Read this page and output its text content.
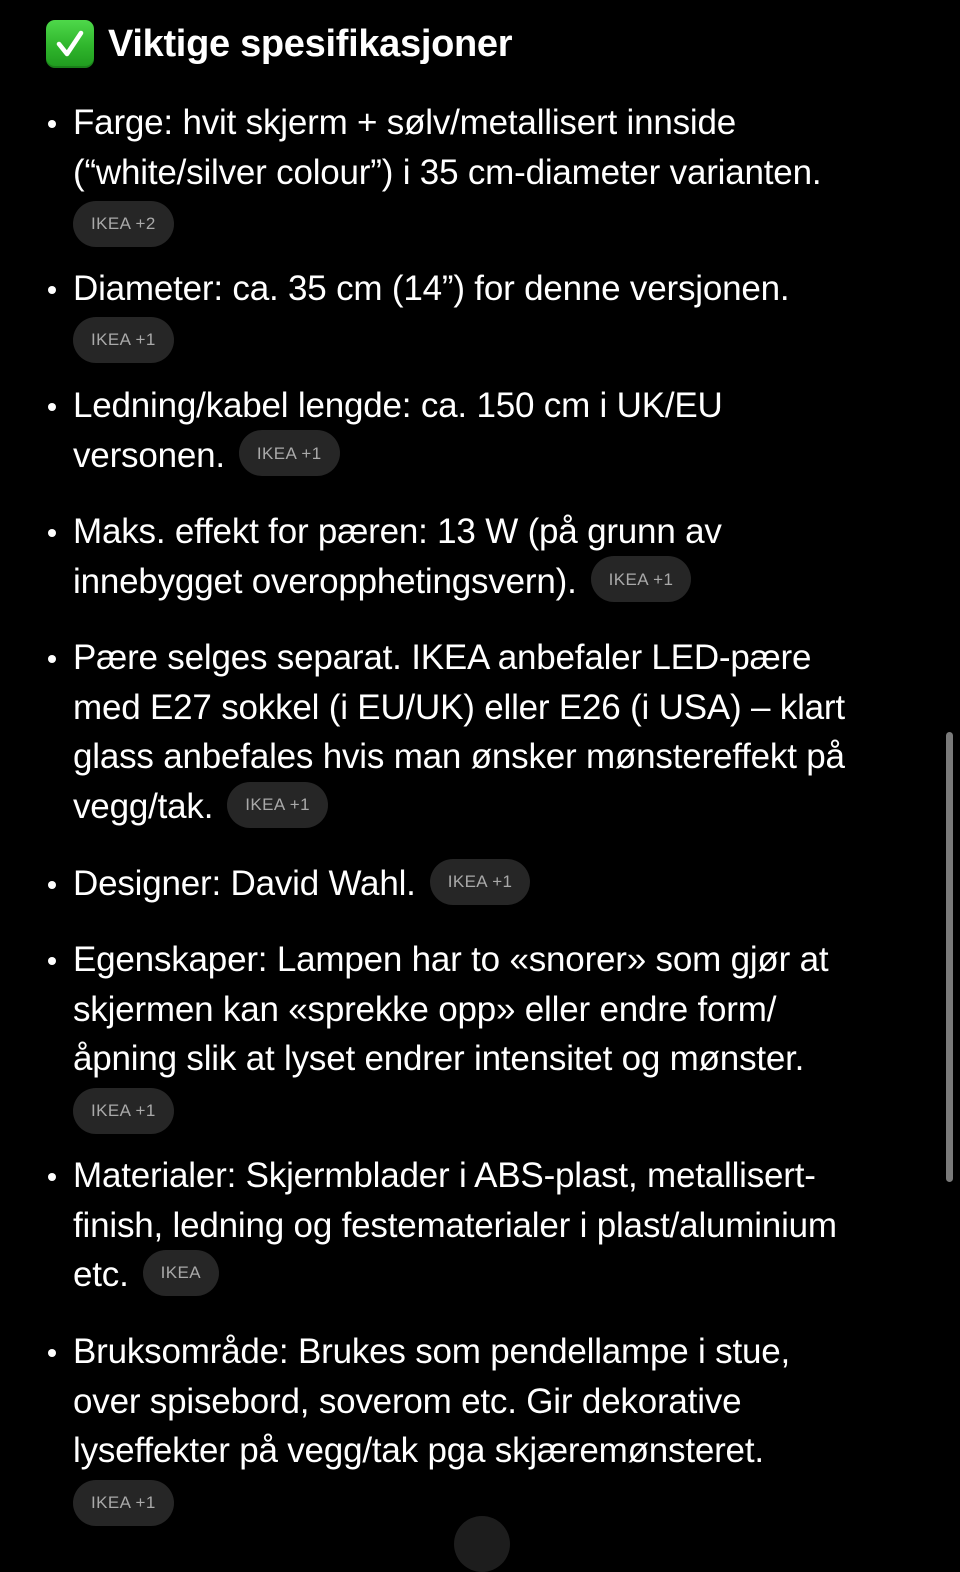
Viktige spesifikasjoner
Farge: hvit skjerm + sølv/metallisert innside
(“white/silver colour”) i 35 cm-diameter varianten.
IKEA +2
Diameter: ca. 35 cm (14”) for denne versjonen.
IKEA +1
Ledning/kabel lengde: ca. 150 cm i UK/EU
versonen. IKEA +1
Maks. effekt for pæren: 13 W (på grunn av
innebygget overopphetingsvern). IKEA +1
Pære selges separat. IKEA anbefaler LED-pære
med E27 sokkel (i EU/UK) eller E26 (i USA) – klart
glass anbefales hvis man ønsker mønstereffekt på
vegg/tak. IKEA +1
Designer: David Wahl. IKEA +1
Egenskaper: Lampen har to «snorer» som gjør at
skjermen kan «sprekke opp» eller endre form/
åpning slik at lyset endrer intensitet og mønster.
IKEA +1
Materialer: Skjermblader i ABS-plast, metallisert-
finish, ledning og festematerialer i plast/aluminium
etc. IKEA
Bruksområde: Brukes som pendellampe i stue,
over spisebord, soverom etc. Gir dekorative
lyseffekter på vegg/tak pga skjæremønsteret.
IKEA +1
